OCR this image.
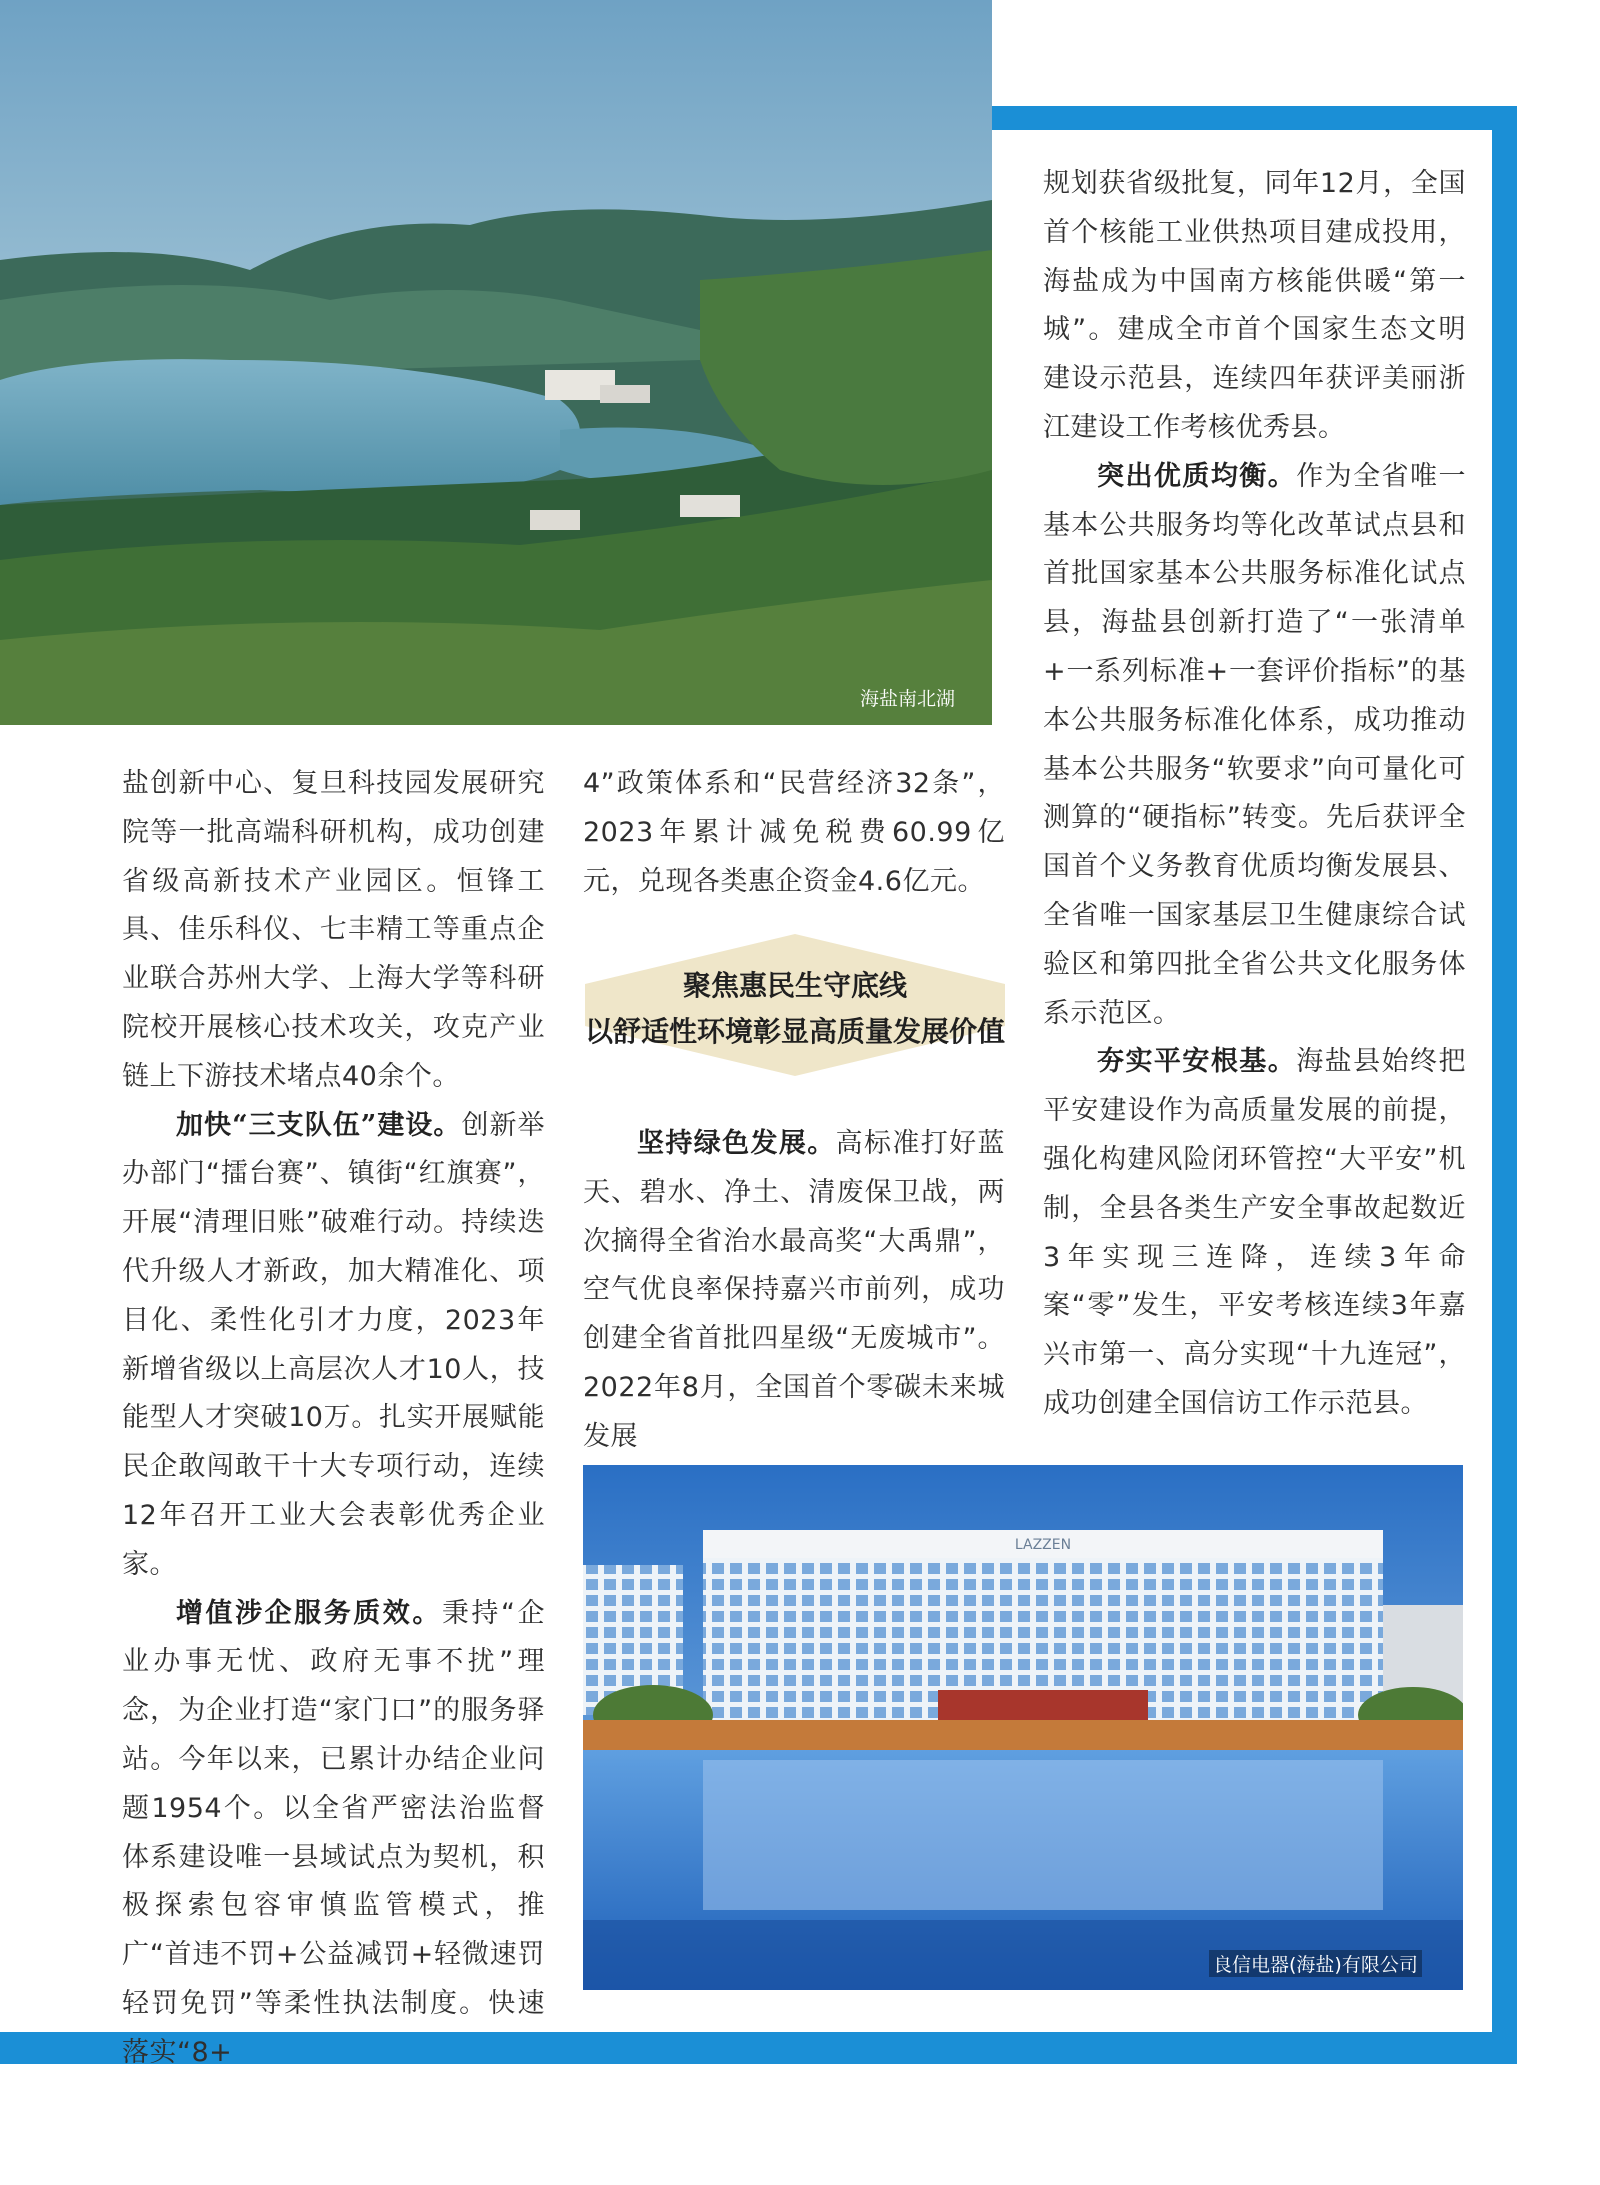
海盐南北湖

盐创新中心、复旦科技园发展研究院等一批高端科研机构，成功创建省级高新技术产业园区。恒锋工具、佳乐科仪、七丰精工等重点企业联合苏州大学、上海大学等科研院校开展核心技术攻关，攻克产业链上下游技术堵点40余个。

加快“三支队伍”建设。创新举办部门“擂台赛”、镇街“红旗赛”，开展“清理旧账”破难行动。持续迭代升级人才新政，加大精准化、项目化、柔性化引才力度，2023年新增省级以上高层次人才10人，技能型人才突破10万。扎实开展赋能民企敢闯敢干十大专项行动，连续12年召开工业大会表彰优秀企业家。

增值涉企服务质效。秉持“企业办事无忧、政府无事不扰”理念，为企业打造“家门口”的服务驿站。今年以来，已累计办结企业问题1954个。以全省严密法治监督体系建设唯一县域试点为契机，积极探索包容审慎监管模式，推广“首违不罚+公益减罚+轻微速罚轻罚免罚”等柔性执法制度。快速落实“8+

4”政策体系和“民营经济32条”，2023年累计减免税费60.99亿元，兑现各类惠企资金4.6亿元。

聚焦惠民生守底线
以舒适性环境彰显高质量发展价值

坚持绿色发展。高标准打好蓝天、碧水、净土、清废保卫战，两次摘得全省治水最高奖“大禹鼎”，空气优良率保持嘉兴市前列，成功创建全省首批四星级“无废城市”。2022年8月，全国首个零碳未来城发展

规划获省级批复，同年12月，全国首个核能工业供热项目建成投用，海盐成为中国南方核能供暖“第一城”。建成全市首个国家生态文明建设示范县，连续四年获评美丽浙江建设工作考核优秀县。

突出优质均衡。作为全省唯一基本公共服务均等化改革试点县和首批国家基本公共服务标准化试点县，海盐县创新打造了“一张清单+一系列标准+一套评价指标”的基本公共服务标准化体系，成功推动基本公共服务“软要求”向可量化可测算的“硬指标”转变。先后获评全国首个义务教育优质均衡发展县、全省唯一国家基层卫生健康综合试验区和第四批全省公共文化服务体系示范区。

夯实平安根基。海盐县始终把平安建设作为高质量发展的前提，强化构建风险闭环管控“大平安”机制，全县各类生产安全事故起数近3年实现三连降，连续3年命案“零”发生，平安考核连续3年嘉兴市第一、高分实现“十九连冠”，成功创建全国信访工作示范县。

LAZZEN
良信电器(海盐)有限公司
